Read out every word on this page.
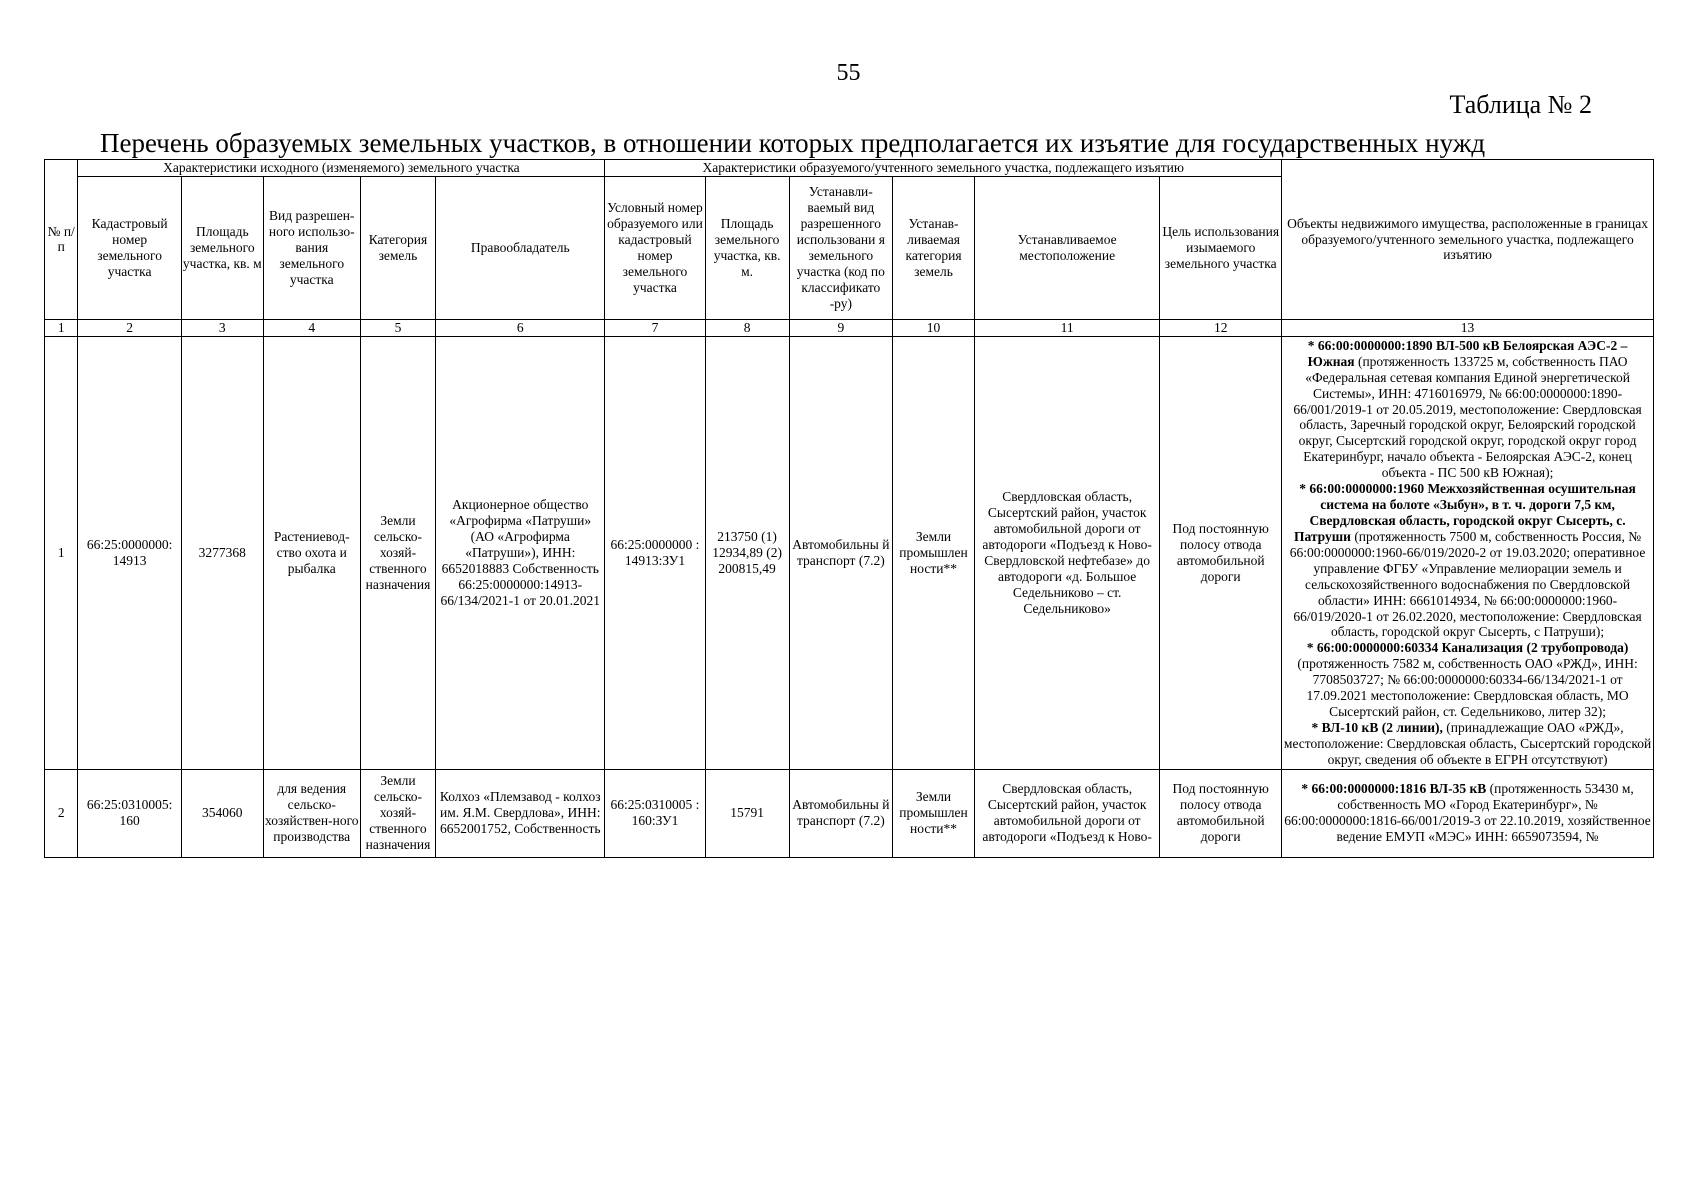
55
Таблица № 2
Перечень образуемых земельных участков, в отношении которых предполагается их изъятие для государственных нужд
№ п/п	Характеристики исходного (изменяемого) земельного участка					Характеристики образуемого/учтенного земельного участка, подлежащего изъятию						Объекты недвижимого имущества, расположенные в границах образуемого/учтенного земельного участка, подлежащего изъятию
	Кадастровый номер земельного участка	Площадь земельного участка, кв. м	Вид разрешен-ного использо-вания земельного участка	Категория земель	Правообладатель	Условный номер образуемого или кадастровый номер земельного участка	Площадь земельного участка, кв. м.	Устанавли-ваемый вид разрешенного использовани я земельного участка (код по классификато -ру)	Устанав-ливаемая категория земель	Устанавливаемое местоположение	Цель использования изымаемого земельного участка	
1	2	3	4	5	6	7	8	9	10	11	12	13
1	66:25:0000000: 14913	3277368	Растениевод-ство охота и рыбалка	Земли сельско-хозяй-ственного назначения	Акционерное общество «Агрофирма «Патруши» (АО «Агрофирма «Патруши»), ИНН: 6652018883 Собственность 66:25:0000000:14913-66/134/2021-1 от 20.01.2021	66:25:0000000 : 14913:ЗУ1	213750 (1) 12934,89 (2) 200815,49	Автомобильны й транспорт (7.2)	Земли промышлен ности**	Свердловская область, Сысертский район, участок автомобильной дороги от автодороги «Подъезд к Ново-Свердловской нефтебазе» до автодороги «д. Большое Седельниково – ст. Седельниково»	Под постоянную полосу отвода автомобильной дороги	* 66:00:0000000:1890 ВЛ-500 кВ Белоярская АЭС-2 – Южная (протяженность 133725 м, собственность ПАО «Федеральная сетевая компания Единой энергетической Системы», ИНН: 4716016979, № 66:00:0000000:1890-66/001/2019-1 от 20.05.2019, местоположение: Свердловская область, Заречный городской округ, Белоярский городской округ, Сысертский городской округ, городской округ город Екатеринбург, начало объекта - Белоярская АЭС-2, конец объекта - ПС 500 кВ Южная);
* 66:00:0000000:1960 Межхозяйственная осушительная система на болоте «Зыбун», в т. ч. дороги 7,5 км, Свердловская область, городской округ Сысерть, с. Патруши (протяженность 7500 м, собственность Россия, № 66:00:0000000:1960-66/019/2020-2 от 19.03.2020; оперативное управление ФГБУ «Управление мелиорации земель и сельскохозяйственного водоснабжения по Свердловской области» ИНН: 6661014934, № 66:00:0000000:1960-66/019/2020-1 от 26.02.2020, местоположение: Свердловская область, городской округ Сысерть, с Патруши);
* 66:00:0000000:60334 Канализация (2 трубопровода) (протяженность 7582 м, собственность ОАО «РЖД», ИНН: 7708503727; № 66:00:0000000:60334-66/134/2021-1 от 17.09.2021 местоположение: Свердловская область, МО Сысертский район, ст. Седельниково, литер 32);
* ВЛ-10 кВ (2 линии), (принадлежащие ОАО «РЖД», местоположение: Свердловская область, Сысертский городской округ, сведения об объекте в ЕГРН отсутствуют)

2	66:25:0310005: 160	354060	для ведения сельско-хозяйствен-ного производства	Земли сельско-хозяй-ственного назначения	Колхоз «Племзавод - колхоз им. Я.М. Свердлова», ИНН: 6652001752, Собственность	66:25:0310005 : 160:ЗУ1	15791	Автомобильны й транспорт (7.2)	Земли промышлен ности**	Свердловская область, Сысертский район, участок автомобильной дороги от автодороги «Подъезд к Ново-	Под постоянную полосу отвода автомобильной дороги	* 66:00:0000000:1816 ВЛ-35 кВ (протяженность 53430 м, собственность МО «Город Екатеринбург», № 66:00:0000000:1816-66/001/2019-3 от 22.10.2019, хозяйственное ведение ЕМУП «МЭС» ИНН: 6659073594, №
